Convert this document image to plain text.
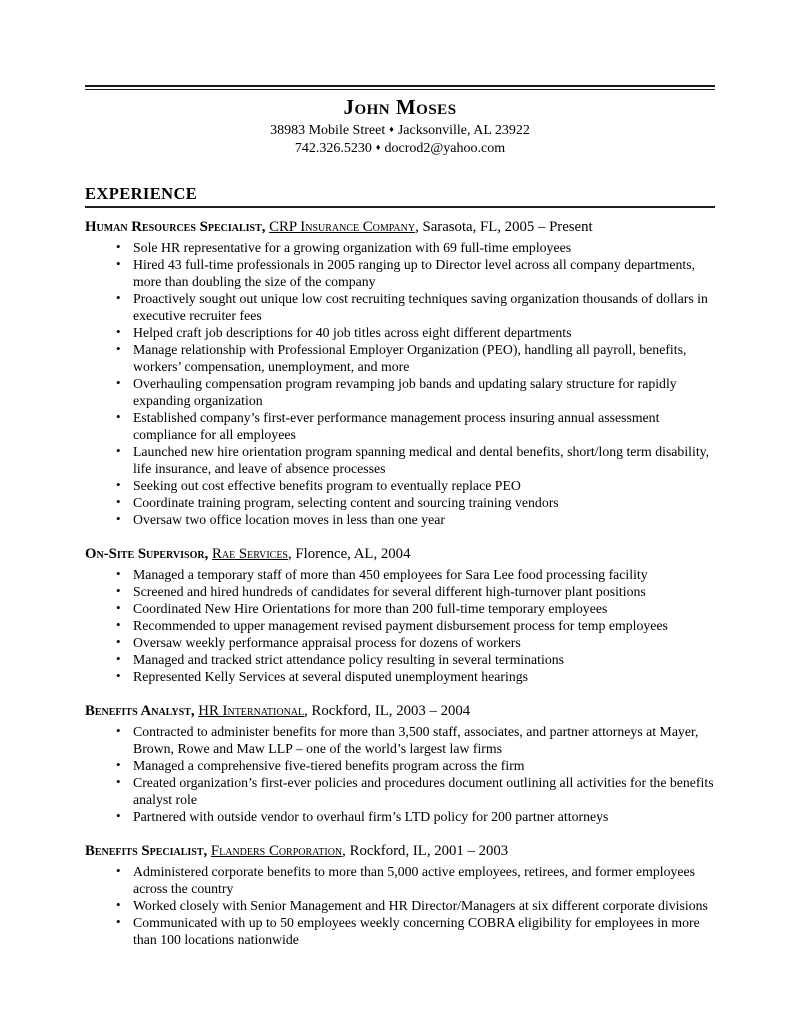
John Moses
38983 Mobile Street ♦ Jacksonville, AL 23922
742.326.5230 ♦ docrod2@yahoo.com
EXPERIENCE
Human Resources Specialist, CRP Insurance Company, Sarasota, FL, 2005 – Present
• Sole HR representative for a growing organization with 69 full-time employees
• Hired 43 full-time professionals in 2005 ranging up to Director level across all company departments, more than doubling the size of the company
• Proactively sought out unique low cost recruiting techniques saving organization thousands of dollars in executive recruiter fees
• Helped craft job descriptions for 40 job titles across eight different departments
• Manage relationship with Professional Employer Organization (PEO), handling all payroll, benefits, workers’ compensation, unemployment, and more
• Overhauling compensation program revamping job bands and updating salary structure for rapidly expanding organization
• Established company’s first-ever performance management process insuring annual assessment compliance for all employees
• Launched new hire orientation program spanning medical and dental benefits, short/long term disability, life insurance, and leave of absence processes
• Seeking out cost effective benefits program to eventually replace PEO
• Coordinate training program, selecting content and sourcing training vendors
• Oversaw two office location moves in less than one year
On-Site Supervisor, Rae Services, Florence, AL, 2004
• Managed a temporary staff of more than 450 employees for Sara Lee food processing facility
• Screened and hired hundreds of candidates for several different high-turnover plant positions
• Coordinated New Hire Orientations for more than 200 full-time temporary employees
• Recommended to upper management revised payment disbursement process for temp employees
• Oversaw weekly performance appraisal process for dozens of workers
• Managed and tracked strict attendance policy resulting in several terminations
• Represented Kelly Services at several disputed unemployment hearings
Benefits Analyst, HR International, Rockford, IL, 2003 – 2004
• Contracted to administer benefits for more than 3,500 staff, associates, and partner attorneys at Mayer, Brown, Rowe and Maw LLP – one of the world’s largest law firms
• Managed a comprehensive five-tiered benefits program across the firm
• Created organization’s first-ever policies and procedures document outlining all activities for the benefits analyst role
• Partnered with outside vendor to overhaul firm’s LTD policy for 200 partner attorneys
Benefits Specialist, Flanders Corporation, Rockford, IL, 2001 – 2003
• Administered corporate benefits to more than 5,000 active employees, retirees, and former employees across the country
• Worked closely with Senior Management and HR Director/Managers at six different corporate divisions
• Communicated with up to 50 employees weekly concerning COBRA eligibility for employees in more than 100 locations nationwide
